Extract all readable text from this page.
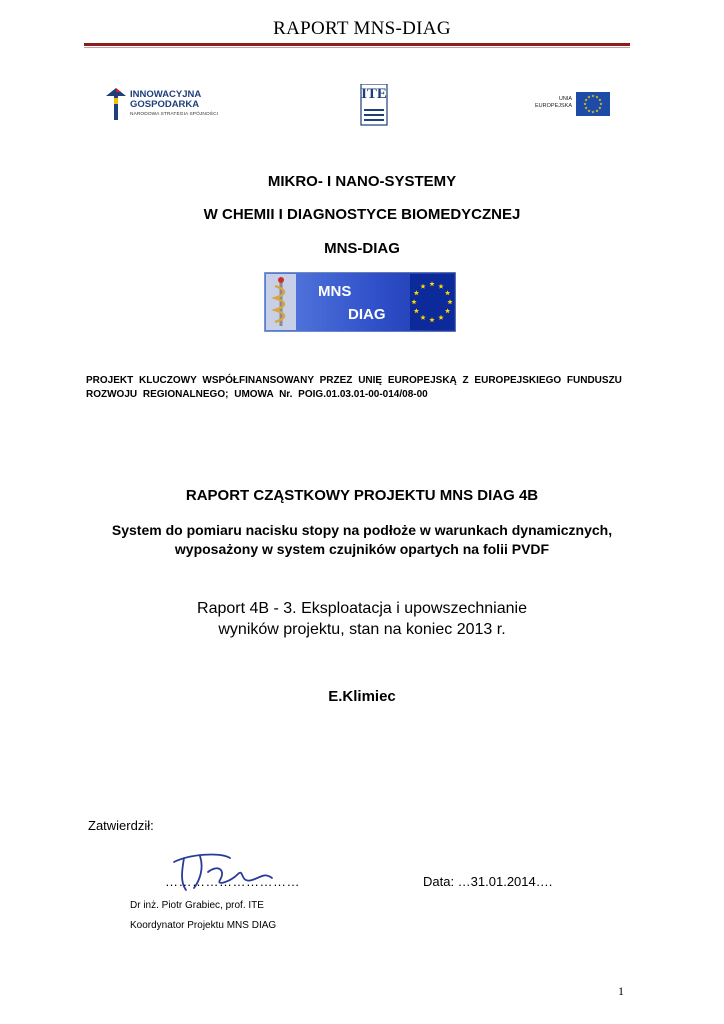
RAPORT MNS-DIAG
INNOWACYJNA
GOSPODARKA
NARODOWA STRATEGIA SPÓJNOŚCI
ITE	UNIA
EUROPEJSKA
MIKRO- I NANO-SYSTEMY
W CHEMII I DIAGNOSTYCE BIOMEDYCZNEJ
MNS-DIAG
MNS
DIAG
PROJEKT KLUCZOWY WSPÓŁFINANSOWANY PRZEZ UNIĘ EUROPEJSKĄ Z EUROPEJSKIEGO FUNDUSZU
ROZWOJU REGIONALNEGO; UMOWA Nr. POIG.01.03.01-00-014/08-00
RAPORT CZĄSTKOWY PROJEKTU MNS DIAG 4B
System do pomiaru nacisku stopy na podłoże w warunkach dynamicznych,
wyposażony w system czujników opartych na folii PVDF
Raport 4B - 3. Eksploatacja i upowszechnianie
wyników projektu, stan na koniec 2013 r.
E.Klimiec
Zatwierdził:
…………………………	Data: …31.01.2014….
Dr inż. Piotr Grabiec, prof. ITE
Koordynator Projektu MNS DIAG
1
